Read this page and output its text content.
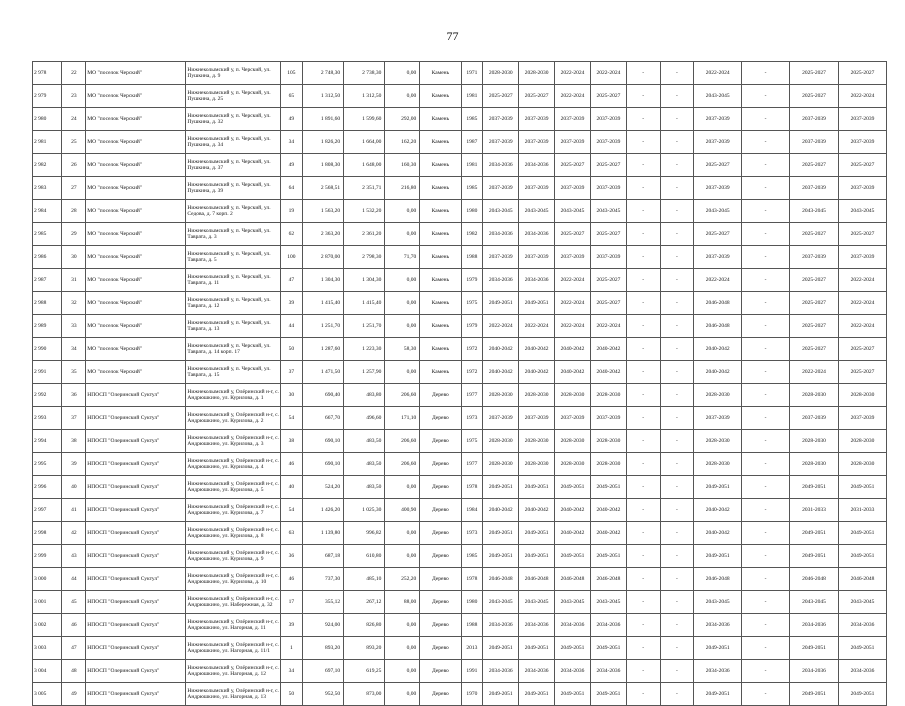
77
2 978	22	МО "поселок Черский"	Нижнеколымский у, п. Черский, ул. Пушкина, д. 9	105	2 748,30	2 738,30	0,00	Камень	1971	2028-2030	2028-2030	2022-2024	2022-2024	-	-	2022-2024	-	2025-2027	2025-2027
2 979	23	МО "поселок Черский"	Нижнеколымский у, п. Черский, ул. Пушкина, д. 25	65	1 312,50	1 312,50	0,00	Камень	1981	2025-2027	2025-2027	2022-2024	2025-2027	-	-	2043-2045	-	2025-2027	2022-2024
2 980	24	МО "поселок Черский"	Нижнеколымский у, п. Черский, ул. Пушкина, д. 32	49	1 891,60	1 599,60	292,00	Камень	1985	2037-2039	2037-2039	2037-2039	2037-2039	-	-	2037-2039	-	2037-2039	2037-2039
2 981	25	МО "поселок Черский"	Нижнеколымский у, п. Черский, ул. Пушкина, д. 34	34	1 826,20	1 664,00	162,20	Камень	1987	2037-2039	2037-2039	2037-2039	2037-2039	-	-	2037-2039	-	2037-2039	2037-2039
2 982	26	МО "поселок Черский"	Нижнеколымский у, п. Черский, ул. Пушкина, д. 37	49	1 808,30	1 648,00	160,30	Камень	1981	2034-2036	2034-2036	2025-2027	2025-2027	-	-	2025-2027	-	2025-2027	2025-2027
2 983	27	МО "поселок Черский"	Нижнеколымский у, п. Черский, ул. Пушкина, д. 39	64	2 568,51	2 351,71	216,80	Камень	1985	2037-2039	2037-2039	2037-2039	2037-2039	-	-	2037-2039	-	2037-2039	2037-2039
2 984	28	МО "поселок Черский"	Нижнеколымский у, п. Черский, ул. Седова, д. 7 корп. 2	19	1 563,20	1 532,20	0,00	Камень	1980	2043-2045	2043-2045	2043-2045	2043-2045	-	-	2043-2045	-	2043-2045	2043-2045
2 985	29	МО "поселок Черский"	Нижнеколымский у, п. Черский, ул. Таврата, д. 3	62	2 363,20	2 361,20	0,00	Камень	1982	2034-2036	2034-2036	2025-2027	2025-2027	-	-	2025-2027	-	2025-2027	2025-2027
2 986	30	МО "поселок Черский"	Нижнеколымский у, п. Черский, ул. Таврата, д. 5	100	2 870,00	2 798,30	71,70	Камень	1988	2037-2039	2037-2039	2037-2039	2037-2039	-	-	2037-2039	-	2037-2039	2037-2039
2 987	31	МО "поселок Черский"	Нижнеколымский у, п. Черский, ул. Таврата, д. 11	47	1 304,30	1 304,30	0,00	Камень	1979	2034-2036	2034-2036	2022-2024	2025-2027	-	-	2022-2024	-	2025-2027	2022-2024
2 988	32	МО "поселок Черский"	Нижнеколымский у, п. Черский, ул. Таврата, д. 12	39	1 415,40	1 415,40	0,00	Камень	1975	2049-2051	2049-2051	2022-2024	2025-2027	-	-	2046-2048	-	2025-2027	2022-2024
2 989	33	МО "поселок Черский"	Нижнеколымский у, п. Черский, ул. Таврата, д. 13	44	1 251,70	1 251,70	0,00	Камень	1979	2022-2024	2022-2024	2022-2024	2022-2024	-	-	2046-2048	-	2025-2027	2022-2024
2 990	34	МО "поселок Черский"	Нижнеколымский у, п. Черский, ул. Таврата, д. 14 корп. 17	50	1 287,60	1 223,30	58,30	Камень	1972	2040-2042	2040-2042	2040-2042	2040-2042	-	-	2040-2042	-	2025-2027	2025-2027
2 991	35	МО "поселок Черский"	Нижнеколымский у, п. Черский, ул. Таврата, д. 15	37	1 471,50	1 257,90	0,00	Камень	1972	2040-2042	2040-2042	2040-2042	2040-2042	-	-	2040-2042	-	2022-2024	2025-2027
2 992	36	НПОСП "Олеринский Суктул"	Нижнеколымский у, Олёринский н-г, с. Андрюшкино, ул. Куриловa, д. 1	30	690,40	483,80	206,60	Дерево	1977	2028-2030	2028-2030	2028-2030	2028-2030	-	-	2028-2030	-	2028-2030	2028-2030
2 993	37	НПОСП "Олеринский Суктул"	Нижнеколымский у, Олёринский н-г, с. Андрюшкино, ул. Куриловa, д. 2	54	667,70	496,60	171,10	Дерево	1973	2037-2039	2037-2039	2037-2039	2037-2039	-	-	2037-2039	-	2037-2039	2037-2039
2 994	38	НПОСП "Олеринский Суктул"	Нижнеколымский у, Олёринский н-г, с. Андрюшкино, ул. Куриловa, д. 3	38	690,10	483,50	206,60	Дерево	1975	2028-2030	2028-2030	2028-2030	2028-2030	-	-	2028-2030	-	2028-2030	2028-2030
2 995	39	НПОСП "Олеринский Суктул"	Нижнеколымский у, Олёринский н-г, с. Андрюшкино, ул. Куриловa, д. 4	46	690,10	483,50	206,60	Дерево	1977	2028-2030	2028-2030	2028-2030	2028-2030	-	-	2028-2030	-	2028-2030	2028-2030
2 996	40	НПОСП "Олеринский Суктул"	Нижнеколымский у, Олёринский н-г, с. Андрюшкино, ул. Куриловa, д. 5	40	524,20	483,50	0,00	Дерево	1978	2049-2051	2049-2051	2049-2051	2049-2051	-	-	2049-2051	-	2049-2051	2049-2051
2 997	41	НПОСП "Олеринский Суктул"	Нижнеколымский у, Олёринский н-г, с. Андрюшкино, ул. Куриловa, д. 7	54	1 426,20	1 025,30	400,90	Дерево	1984	2040-2042	2040-2042	2040-2042	2040-2042	-	-	2040-2042	-	2031-2033	2031-2033
2 998	42	НПОСП "Олеринский Суктул"	Нижнеколымский у, Олёринский н-г, с. Андрюшкино, ул. Куриловa, д. 8	63	1 139,80	996,82	0,00	Дерево	1973	2049-2051	2049-2051	2040-2042	2040-2042	-	-	2040-2042	-	2049-2051	2049-2051
2 999	43	НПОСП "Олеринский Суктул"	Нижнеколымский у, Олёринский н-г, с. Андрюшкино, ул. Куриловa, д. 9	36	687,18	610,80	0,00	Дерево	1985	2049-2051	2049-2051	2049-2051	2049-2051	-	-	2049-2051	-	2049-2051	2049-2051
3 000	44	НПОСП "Олеринский Суктул"	Нижнеколымский у, Олёринский н-г, с. Андрюшкино, ул. Куриловa, д. 10	46	737,30	485,10	252,20	Дерево	1978	2046-2048	2046-2048	2046-2048	2046-2048	-	-	2046-2048	-	2046-2048	2046-2048
3 001	45	НПОСП "Олеринский Суктул"	Нижнеколымский у, Олёринский н-г, с. Андрюшкино, ул. Набережная, д. 32	17	355,12	267,12	88,00	Дерево	1980	2043-2045	2043-2045	2043-2045	2043-2045	-	-	2043-2045	-	2043-2045	2043-2045
3 002	46	НПОСП "Олеринский Суктул"	Нижнеколымский у, Олёринский н-г, с. Андрюшкино, ул. Нагорная, д. 11	39	924,00	826,80	0,00	Дерево	1988	2034-2036	2034-2036	2034-2036	2034-2036	-	-	2034-2036	-	2034-2036	2034-2036
3 003	47	НПОСП "Олеринский Суктул"	Нижнеколымский у, Олёринский н-г, с. Андрюшкино, ул. Нагорная, д. 11/1	1	893,20	893,20	0,00	Дерево	2013	2049-2051	2049-2051	2049-2051	2049-2051	-	-	2049-2051	-	2049-2051	2049-2051
3 004	48	НПОСП "Олеринский Суктул"	Нижнеколымский у, Олёринский н-г, с. Андрюшкино, ул. Нагорная, д. 12	34	697,10	619,25	0,00	Дерево	1991	2034-2036	2034-2036	2034-2036	2034-2036	-	-	2034-2036	-	2034-2036	2034-2036
3 005	49	НПОСП "Олеринский Суктул"	Нижнеколымский у, Олёринский н-г, с. Андрюшкино, ул. Нагорная, д. 13	50	952,50	873,00	0,00	Дерево	1970	2049-2051	2049-2051	2049-2051	2049-2051	-	-	2049-2051	-	2049-2051	2049-2051
